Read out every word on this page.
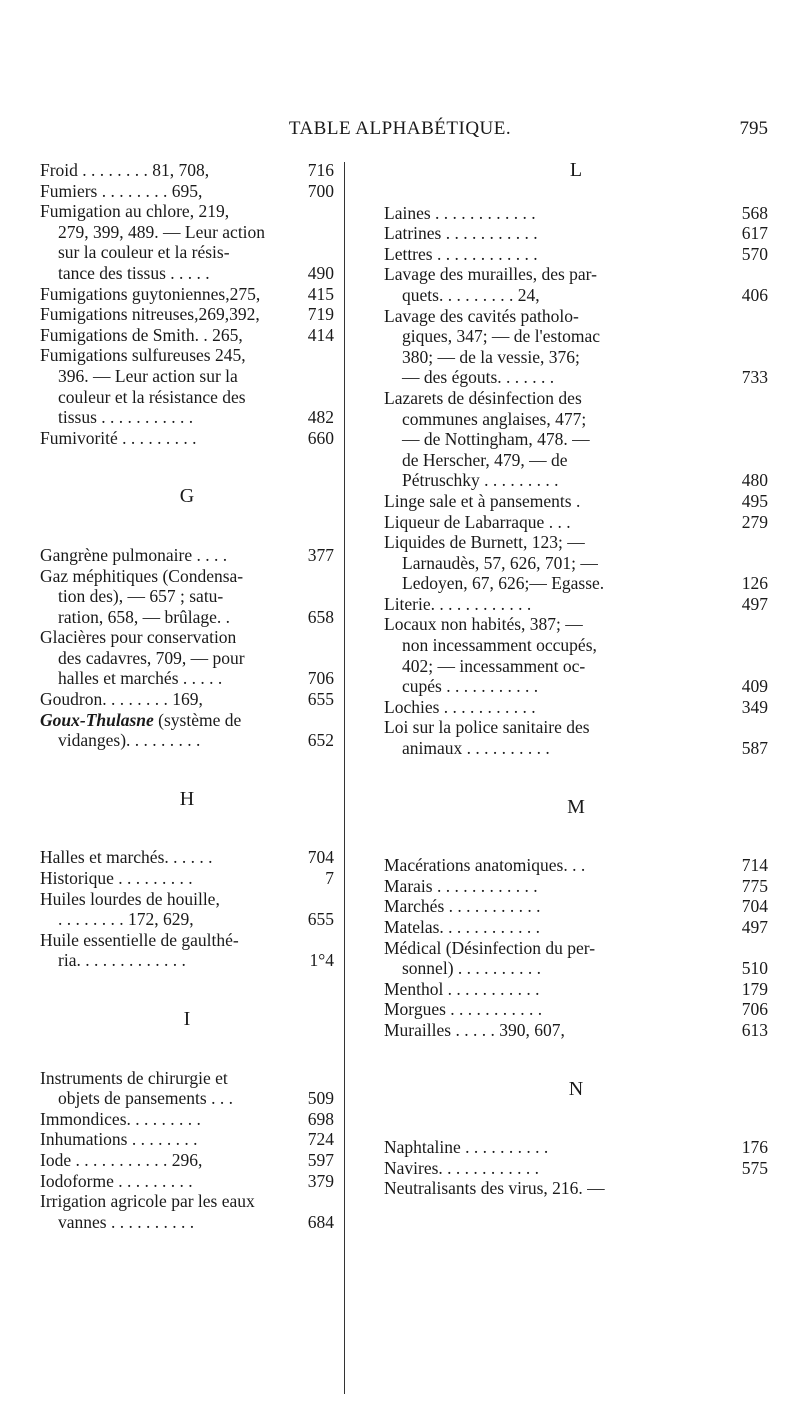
TABLE ALPHABÉTIQUE.	795
Froid . . . . . . . . 81, 708,	716
Fumiers . . . . . . . . 695,	700
Fumigation au chlore, 219,
279, 399, 489. — Leur action
sur la couleur et la résis-
tance des tissus . . . . .	490
Fumigations guytoniennes,275,	415
Fumigations nitreuses,269,392,	719
Fumigations de Smith. . 265,	414
Fumigations sulfureuses 245,
396. — Leur action sur la
couleur et la résistance des
tissus . . . . . . . . . . .	482
Fumivorité . . . . . . . . .	660
G
Gangrène pulmonaire . . . .	377
Gaz méphitiques (Condensa-
tion des), — 657 ; satu-
ration, 658, — brûlage. .	658
Glacières pour conservation
des cadavres, 709, — pour
halles et marchés . . . . .	706
Goudron. . . . . . . . 169,	655
Goux-Thulasne (système de
vidanges). . . . . . . . .	652
H
Halles et marchés. . . . . .	704
Historique . . . . . . . . .	7
Huiles lourdes de houille,
. . . . . . . . 172, 629,	655
Huile essentielle de gaulthé-
ria. . . . . . . . . . . . .	1°4
I
Instruments de chirurgie et
objets de pansements . . .	509
Immondices. . . . . . . . .	698
Inhumations . . . . . . . .	724
Iode . . . . . . . . . . . 296,	597
Iodoforme . . . . . . . . .	379
Irrigation agricole par les eaux
vannes . . . . . . . . . .	684
L
Laines . . . . . . . . . . . .	568
Latrines . . . . . . . . . . .	617
Lettres . . . . . . . . . . . .	570
Lavage des murailles, des par-
quets. . . . . . . . . 24,	406
Lavage des cavités patholo-
giques, 347; — de l'estomac
380; — de la vessie, 376;
— des égouts. . . . . . .	733
Lazarets de désinfection des
communes anglaises, 477;
— de Nottingham, 478. —
de Herscher, 479, — de
Pétruschky . . . . . . . . .	480
Linge sale et à pansements .	495
Liqueur de Labarraque . . .	279
Liquides de Burnett, 123; —
Larnaudès, 57, 626, 701; —
Ledoyen, 67, 626;— Egasse.	126
Literie. . . . . . . . . . . .	497
Locaux non habités, 387; —
non incessamment occupés,
402; — incessamment oc-
cupés . . . . . . . . . . .	409
Lochies . . . . . . . . . . .	349
Loi sur la police sanitaire des
animaux . . . . . . . . . .	587
M
Macérations anatomiques. . .	714
Marais . . . . . . . . . . . .	775
Marchés . . . . . . . . . . .	704
Matelas. . . . . . . . . . . .	497
Médical (Désinfection du per-
sonnel) . . . . . . . . . .	510
Menthol . . . . . . . . . . .	179
Morgues . . . . . . . . . . .	706
Murailles . . . . . 390, 607,	613
N
Naphtaline . . . . . . . . . .	176
Navires. . . . . . . . . . . .	575
Neutralisants des virus, 216. —
